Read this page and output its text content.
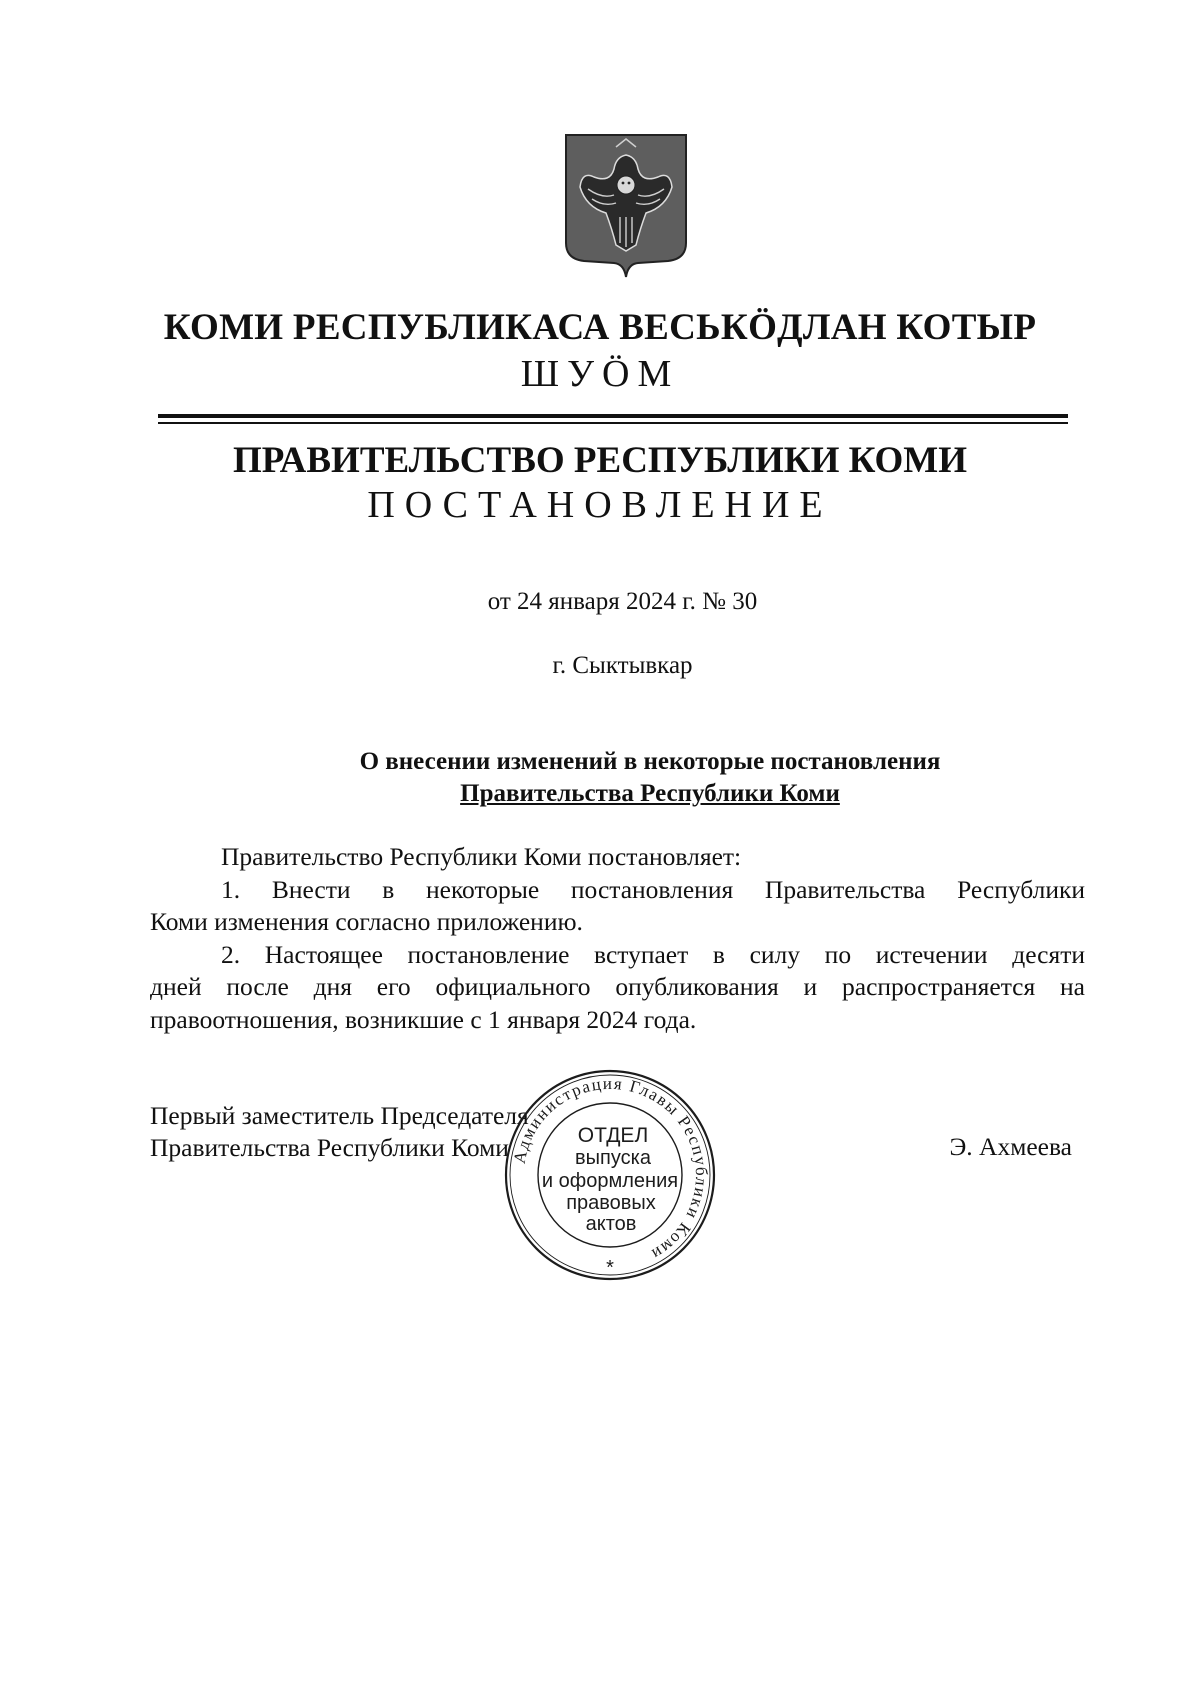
КОМИ РЕСПУБЛИКАСА ВЕСЬКӦДЛАН КОТЫР
ШУӦМ
ПРАВИТЕЛЬСТВО РЕСПУБЛИКИ КОМИ
ПОСТАНОВЛЕНИЕ
от 24 января 2024 г. № 30
г. Сыктывкар
О внесении изменений в некоторые постановления
Правительства Республики Коми

Правительство Республики Коми постановляет:

1. Внести в некоторые постановления Правительства Республики

Коми изменения согласно приложению.

2. Настоящее постановление вступает в силу по истечении десяти

дней после дня его официального опубликования и распространяется на

правоотношения, возникшие с 1 января 2024 года.

Первый заместитель Председателя
Правительства Республики Коми	Э. Ахмеева
Администрация Главы Республики Коми
ОТДЕЛ
выпуска
и оформления
правовых
актов
*
